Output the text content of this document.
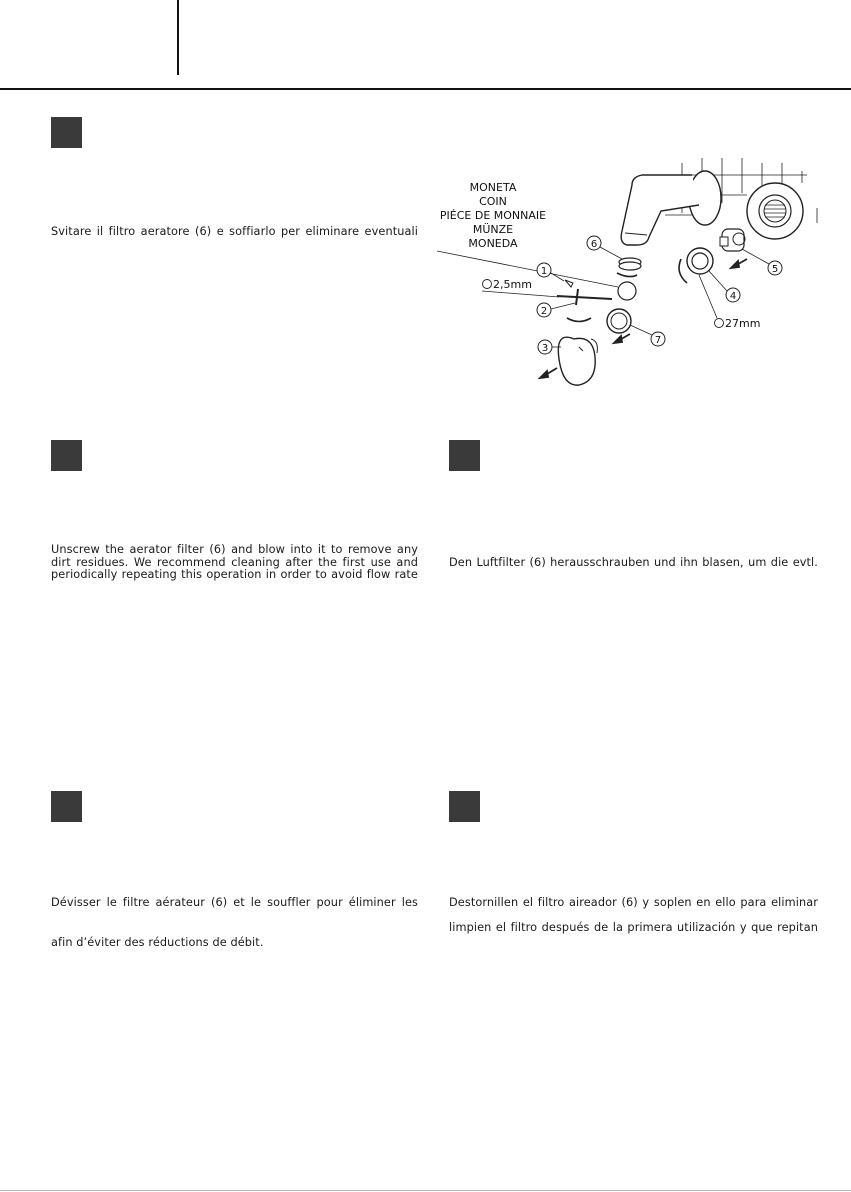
Svitare il filtro aeratore (6) e soffiarlo per eliminare eventuali
Unscrew the aerator filter (6) and blow into it to remove any
dirt residues. We recommend cleaning after the first use and
periodically repeating this operation in order to avoid flow rate
Den Luftfilter (6) herausschrauben und ihn blasen, um die evtl.
Dévisser le filtre aérateur (6) et le souffler pour éliminer les
afin d’éviter des réductions de débit.
Destornillen el filtro aireador (6) y soplen en ello para eliminar
limpien el filtro después de la primera utilización y que repitan
MONETA
COIN
PIÉCE DE MONNAIE
MÜNZE
MONEDA
2,5mm
27mm
1
2
3
4
5
6
7
